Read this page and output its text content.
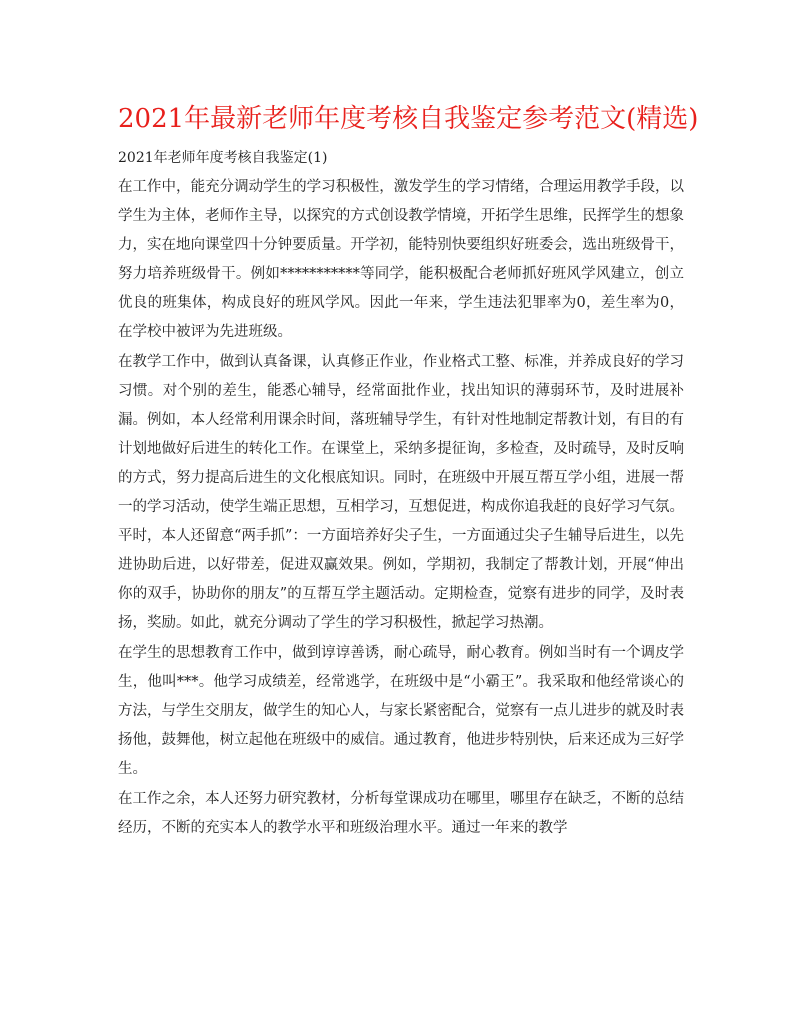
2021年最新老师年度考核自我鉴定参考范文(精选)

2021年老师年度考核自我鉴定(1)

在工作中，能充分调动学生的学习积极性，激发学生的学习情绪，合理运用教学手段，以学生为主体，老师作主导，以探究的方式创设教学情境，开拓学生思维，民挥学生的想象力，实在地向课堂四十分钟要质量。开学初，能特别快要组织好班委会，选出班级骨干，努力培养班级骨干。例如***********等同学，能积极配合老师抓好班风学风建立，创立优良的班集体，构成良好的班风学风。因此一年来，学生违法犯罪率为0，差生率为0，在学校中被评为先进班级。

在教学工作中，做到认真备课，认真修正作业，作业格式工整、标准，并养成良好的学习习惯。对个别的差生，能悉心辅导，经常面批作业，找出知识的薄弱环节，及时进展补漏。例如，本人经常利用课余时间，落班辅导学生，有针对性地制定帮教计划，有目的有计划地做好后进生的转化工作。在课堂上，采纳多提征询，多检查，及时疏导，及时反响的方式，努力提高后进生的文化根底知识。同时，在班级中开展互帮互学小组，进展一帮一的学习活动，使学生端正思想，互相学习，互想促进，构成你追我赶的良好学习气氛。平时，本人还留意“两手抓”：一方面培养好尖子生，一方面通过尖子生辅导后进生，以先进协助后进，以好带差，促进双赢效果。例如，学期初，我制定了帮教计划，开展“伸出你的双手，协助你的朋友”的互帮互学主题活动。定期检查，觉察有进步的同学，及时表扬，奖励。如此，就充分调动了学生的学习积极性，掀起学习热潮。

在学生的思想教育工作中，做到谆谆善诱，耐心疏导，耐心教育。例如当时有一个调皮学生，他叫***。他学习成绩差，经常逃学，在班级中是“小霸王”。我采取和他经常谈心的方法，与学生交朋友，做学生的知心人，与家长紧密配合，觉察有一点儿进步的就及时表扬他，鼓舞他，树立起他在班级中的威信。通过教育，他进步特别快，后来还成为三好学生。

在工作之余，本人还努力研究教材，分析每堂课成功在哪里，哪里存在缺乏，不断的总结经历，不断的充实本人的教学水平和班级治理水平。通过一年来的教学
